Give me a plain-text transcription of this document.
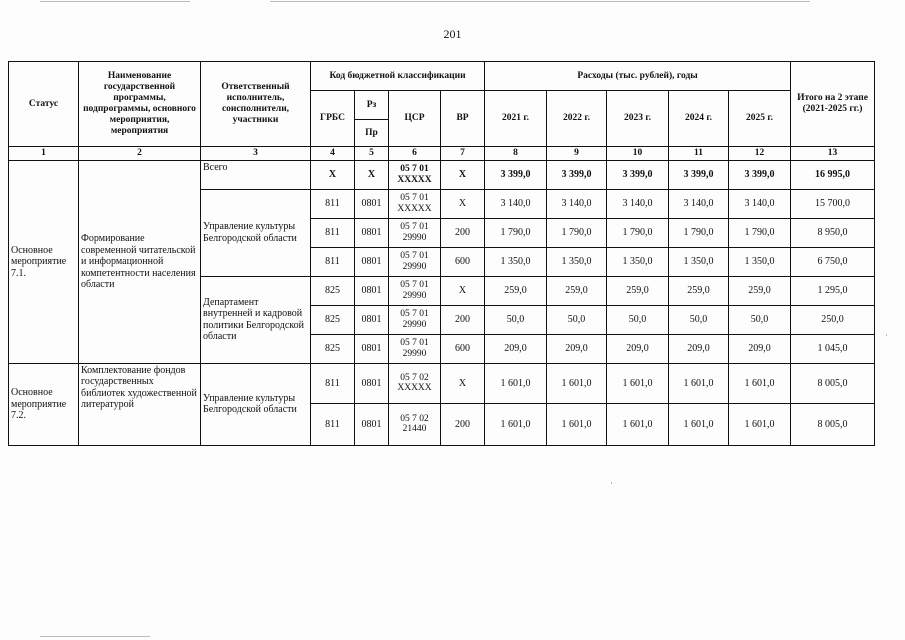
201
Статус	Наименование государственной программы, подпрограммы, основного мероприятия, мероприятия	Ответственный исполнитель, соисполнители, участники	Код бюджетной классификации				Расходы (тыс. рублей), годы					Итого на 2 этапе (2021-2025 гг.)
			ГРБС	Рз	ЦСР	ВР	2021 г.	2022 г.	2023 г.	2024 г.	2025 г.	
				Пр								
1	2	3	4	5	6	7	8	9	10	11	12	13
Основное мероприятие 7.1.	Формирование современной читательской и информационной компетентности населения области	Всего	X	X	05 7 01 XXXXX	X	3 399,0	3 399,0	3 399,0	3 399,0	3 399,0	16 995,0
		Управление культуры Белгородской области	811	0801	05 7 01 XXXXX	X	3 140,0	3 140,0	3 140,0	3 140,0	3 140,0	15 700,0
			811	0801	05 7 01 29990	200	1 790,0	1 790,0	1 790,0	1 790,0	1 790,0	8 950,0
			811	0801	05 7 01 29990	600	1 350,0	1 350,0	1 350,0	1 350,0	1 350,0	6 750,0
		Департамент внутренней и кадровой политики Белгородской области	825	0801	05 7 01 29990	X	259,0	259,0	259,0	259,0	259,0	1 295,0
			825	0801	05 7 01 29990	200	50,0	50,0	50,0	50,0	50,0	250,0
			825	0801	05 7 01 29990	600	209,0	209,0	209,0	209,0	209,0	1 045,0
Основное мероприятие 7.2.	Комплектование фондов государственных библиотек художественной литературой	Управление культуры Белгородской области	811	0801	05 7 02 XXXXX	X	1 601,0	1 601,0	1 601,0	1 601,0	1 601,0	8 005,0
			811	0801	05 7 02 21440	200	1 601,0	1 601,0	1 601,0	1 601,0	1 601,0	8 005,0
·
·
